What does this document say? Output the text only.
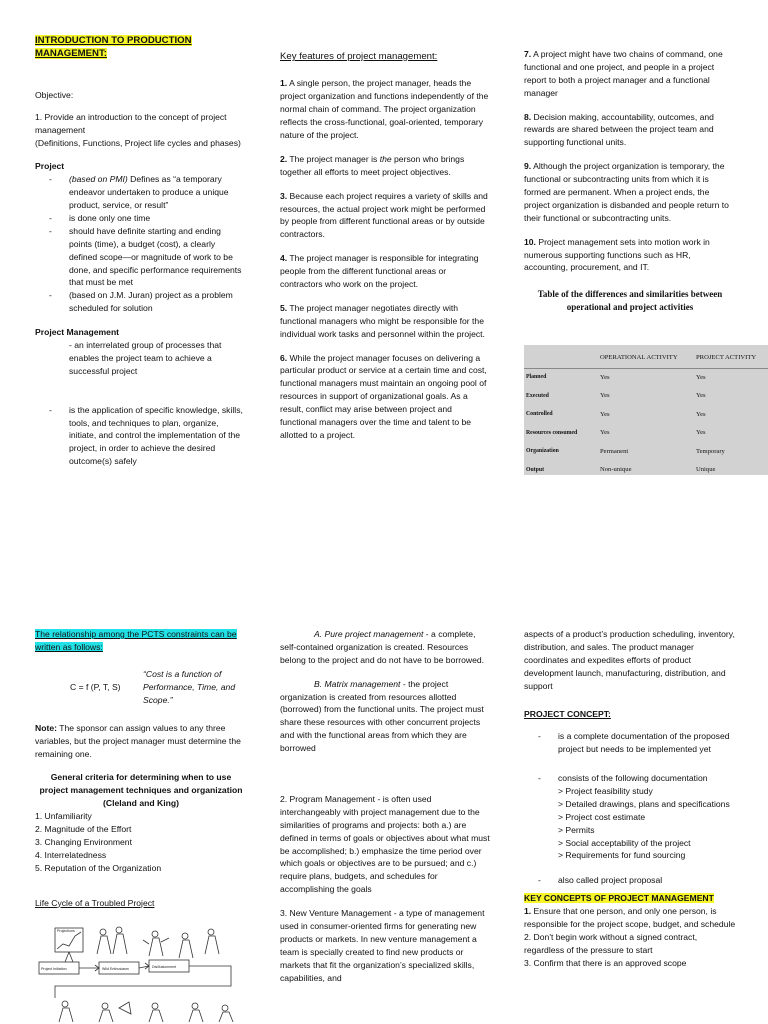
INTRODUCTION TO PRODUCTION MANAGEMENT:

Objective:

1. Provide an introduction to the concept of project management

(Definitions, Functions, Project life cycles and phases)

Project

- (based on PMI) Defines as “a temporary endeavor undertaken to produce a unique product, service, or result”
- is done only one time
- should have definite starting and ending points (time), a budget (cost), a clearly defined scope—or magnitude of work to be done, and specific performance requirements that must be met
- (based on J.M. Juran) project as a problem scheduled for solution

Project Management

- an interrelated group of processes that enables the project team to achieve a successful project

- is the application of specific knowledge, skills, tools, and techniques to plan, organize, initiate, and control the implementation of the project, in order to achieve the desired outcome(s) safely

Key features of project management:

1. A single person, the project manager, heads the project organization and functions independently of the normal chain of command. The project organization reflects the cross-functional, goal-oriented, temporary nature of the project.

2. The project manager is the person who brings together all efforts to meet project objectives.

3. Because each project requires a variety of skills and resources, the actual project work might be performed by people from different functional areas or by outside contractors.

4. The project manager is responsible for integrating people from the different functional areas or contractors who work on the project.

5. The project manager negotiates directly with functional managers who might be responsible for the individual work tasks and personnel within the project.

6. While the project manager focuses on delivering a particular product or service at a certain time and cost, functional managers must maintain an ongoing pool of resources in support of organizational goals. As a result, conflict may arise between project and functional managers over the time and talent to be allotted to a project.

7. A project might have two chains of command, one functional and one project, and people in a project report to both a project manager and a functional manager

8. Decision making, accountability, outcomes, and rewards are shared between the project team and supporting functional units.

9. Although the project organization is temporary, the functional or subcontracting units from which it is formed are permanent. When a project ends, the project organization is disbanded and people return to their functional or subcontracting units.

10. Project management sets into motion work in numerous supporting functions such as HR, accounting, procurement, and IT.

Table of the differences and similarities between operational and project activities

	OPERATIONAL ACTIVITY	PROJECT ACTIVITY
Planned	Yes	Yes
Executed	Yes	Yes
Controlled	Yes	Yes
Resources consumed	Yes	Yes
Organization	Permanent	Temporary
Output	Non-unique	Unique

The relationship among the PCTS constraints can be written as follows:

C = f (P, T, S)
“Cost is a function of Performance, Time, and Scope.”

Note: The sponsor can assign values to any three variables, but the project manager must determine the remaining one.

General criteria for determining when to use project management techniques and organization (Cleland and King)

1. Unfamiliarity
2. Magnitude of the Effort
3. Changing Environment
4. Interrelatedness
5. Reputation of the Organization

Life Cycle of a Troubled Project

Projections
Project Initiation	Wild Enthusiasm	Disillusionment

A. Pure project management - a complete, self-contained organization is created. Resources belong to the project and do not have to be borrowed.

B. Matrix management - the project organization is created from resources allotted (borrowed) from the functional units. The project must share these resources with other concurrent projects and with the functional areas from which they are borrowed

2. Program Management - is often used interchangeably with project management due to the similarities of programs and projects: both a.) are defined in terms of goals or objectives about what must be accomplished; b.) emphasize the time period over which goals or objectives are to be pursued; and c.) require plans, budgets, and schedules for accomplishing the goals

3. New Venture Management - a type of management used in consumer-oriented firms for generating new products or markets. In new venture management a team is specially created to find new products or markets that fit the organization’s specialized skills, capabilities, and

aspects of a product’s production scheduling, inventory, distribution, and sales. The product manager coordinates and expedites efforts of product development launch, manufacturing, distribution, and support

PROJECT CONCEPT:

- is a complete documentation of the proposed project but needs to be implemented yet
- consists of the following documentation
> Project feasibility study
> Detailed drawings, plans and specifications
> Project cost estimate
> Permits
> Social acceptability of the project
> Requirements for fund sourcing
- also called project proposal

KEY CONCEPTS OF PROJECT MANAGEMENT

1. Ensure that one person, and only one person, is responsible for the project scope, budget, and schedule

2. Don't begin work without a signed contract, regardless of the pressure to start

3. Confirm that there is an approved scope
